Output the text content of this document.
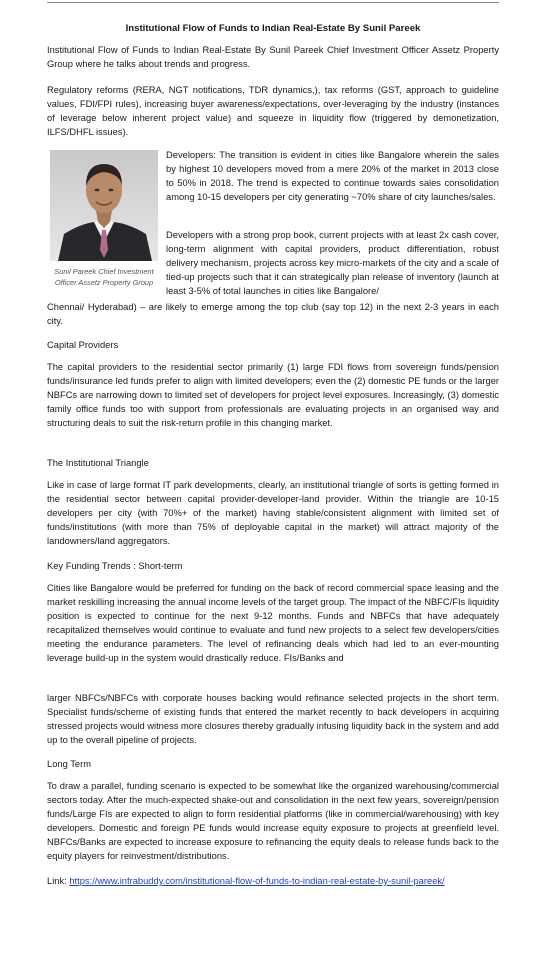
Institutional Flow of Funds to Indian Real-Estate By Sunil Pareek

Institutional Flow of Funds to Indian Real-Estate By Sunil Pareek Chief Investment Officer Assetz Property Group where he talks about trends and progress.

Regulatory reforms (RERA, NGT notifications, TDR dynamics,), tax reforms (GST, approach to guideline values, FDI/FPI rules), increasing buyer awareness/expectations, over-leveraging by the industry (instances of leverage below inherent project value) and squeeze in liquidity flow (triggered by demonetization, ILFS/DHFL issues).

Sunil Pareek Chief Investment Officer Assetz Property Group

Developers: The transition is evident in cities like Bangalore wherein the sales by highest 10 developers moved from a mere 20% of the market in 2013 close to 50% in 2018. The trend is expected to continue towards sales consolidation among 10-15 developers per city generating ~70% share of city launches/sales.

Developers with a strong prop book, current projects with at least 2x cash cover, long-term alignment with capital providers, product differentiation, robust delivery mechanism, projects across key micro-markets of the city and a scale of tied-up projects such that it can strategically plan release of inventory (launch at least 3-5% of total launches in cities like Bangalore/

Chennai/ Hyderabad) – are likely to emerge among the top club (say top 12) in the next 2-3 years in each city.

Capital Providers

The capital providers to the residential sector primarily (1) large FDI flows from sovereign funds/pension funds/insurance led funds prefer to align with limited developers; even the (2) domestic PE funds or the larger NBFCs are narrowing down to limited set of developers for project level exposures. Increasingly, (3) domestic family office funds too with support from professionals are evaluating projects in an organised way and structuring deals to suit the risk-return profile in this changing market.

The Institutional Triangle

Like in case of large format IT park developments, clearly, an institutional triangle of sorts is getting formed in the residential sector between capital provider-developer-land provider. Within the triangle are 10-15 developers per city (with 70%+ of the market) having stable/consistent alignment with limited set of funds/institutions (with more than 75% of deployable capital in the market) will attract majority of the landowners/land aggregators.

Key Funding Trends : Short-term

Cities like Bangalore would be preferred for funding on the back of record commercial space leasing and the market reskilling increasing the annual income levels of the target group. The impact of the NBFC/FIs liquidity position is expected to continue for the next 9-12 months. Funds and NBFCs that have adequately recapitalized themselves would continue to evaluate and fund new projects to a select few developers/cities meeting the endurance parameters. The level of refinancing deals which had led to an ever-mounting leverage build-up in the system would drastically reduce. FIs/Banks and

larger NBFCs/NBFCs with corporate houses backing would refinance selected projects in the short term. Specialist funds/scheme of existing funds that entered the market recently to back developers in acquiring stressed projects would witness more closures thereby gradually infusing liquidity back in the system and add up to the overall pipeline of projects.

Long Term

To draw a parallel, funding scenario is expected to be somewhat like the organized warehousing/commercial sectors today. After the much-expected shake-out and consolidation in the next few years, sovereign/pension funds/Large FIs are expected to align to form residential platforms (like in commercial/warehousing) with key developers. Domestic and foreign PE funds would increase equity exposure to projects at greenfield level. NBFCs/Banks are expected to increase exposure to refinancing the equity deals to release funds back to the equity players for reinvestment/distributions.

Link: https://www.infrabuddy.com/institutional-flow-of-funds-to-indian-real-estate-by-sunil-pareek/
